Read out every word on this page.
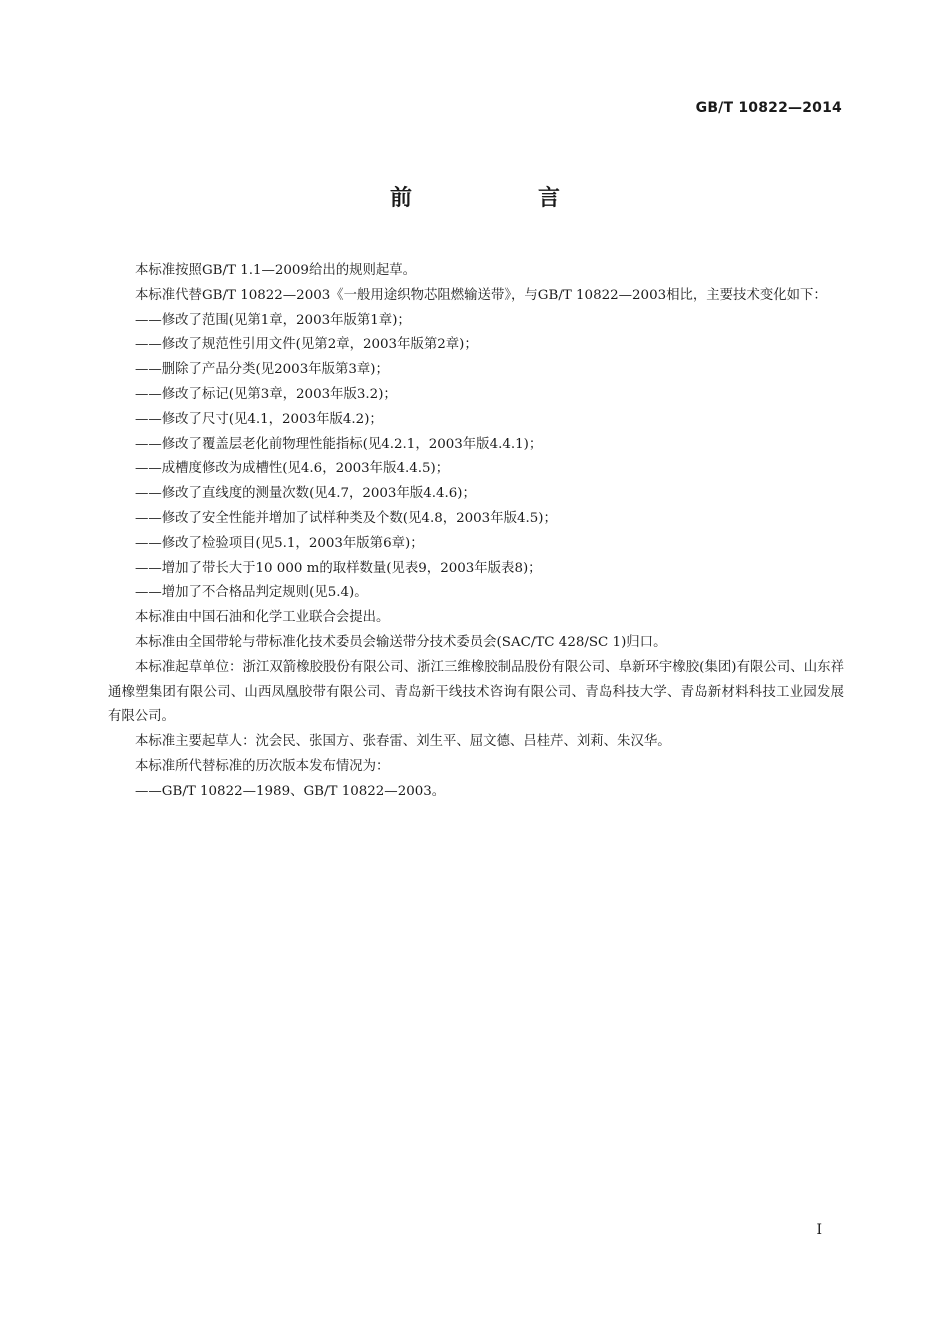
GB/T 10822—2014
前　言

本标准按照GB/T 1.1—2009给出的规则起草。

本标准代替GB/T 10822—2003《一般用途织物芯阻燃输送带》，与GB/T 10822—2003相比，主要技术变化如下：

——修改了范围(见第1章，2003年版第1章)；

——修改了规范性引用文件(见第2章，2003年版第2章)；

——删除了产品分类(见2003年版第3章)；

——修改了标记(见第3章，2003年版3.2)；

——修改了尺寸(见4.1，2003年版4.2)；

——修改了覆盖层老化前物理性能指标(见4.2.1，2003年版4.4.1)；

——成槽度修改为成槽性(见4.6，2003年版4.4.5)；

——修改了直线度的测量次数(见4.7，2003年版4.4.6)；

——修改了安全性能并增加了试样种类及个数(见4.8，2003年版4.5)；

——修改了检验项目(见5.1，2003年版第6章)；

——增加了带长大于10 000 m的取样数量(见表9，2003年版表8)；

——增加了不合格品判定规则(见5.4)。

本标准由中国石油和化学工业联合会提出。

本标准由全国带轮与带标准化技术委员会输送带分技术委员会(SAC/TC 428/SC 1)归口。

本标准起草单位：浙江双箭橡胶股份有限公司、浙江三维橡胶制品股份有限公司、阜新环宇橡胶(集团)有限公司、山东祥通橡塑集团有限公司、山西凤凰胶带有限公司、青岛新干线技术咨询有限公司、青岛科技大学、青岛新材料科技工业园发展有限公司。

本标准主要起草人：沈会民、张国方、张春雷、刘生平、屈文德、吕桂芹、刘莉、朱汉华。

本标准所代替标准的历次版本发布情况为：

——GB/T 10822—1989、GB/T 10822—2003。

I
